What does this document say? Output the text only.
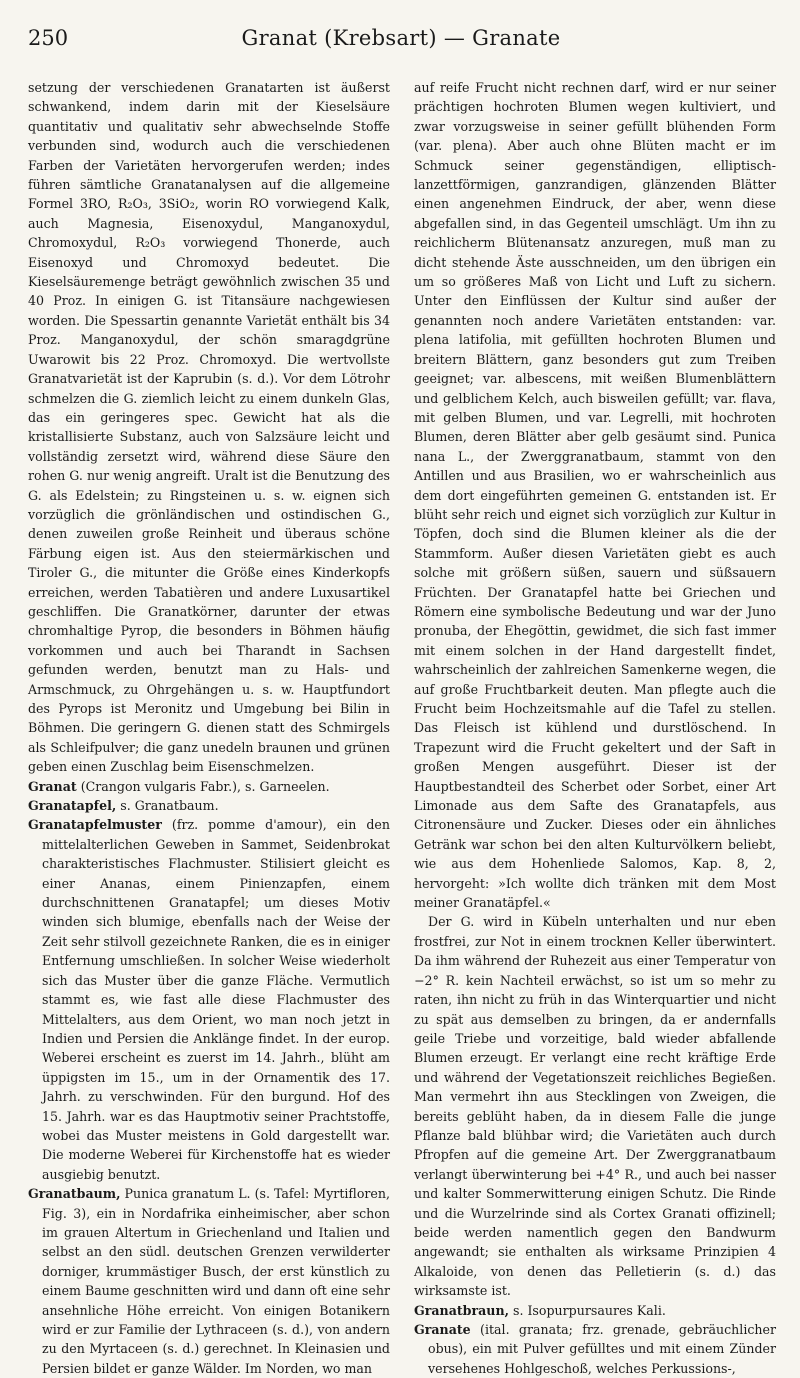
250	Granat (Krebsart) — Granate

setzung der verschiedenen Granatarten ist äußerst schwankend, indem darin mit der Kieselsäure quantitativ und qualitativ sehr abwechselnde Stoffe verbunden sind, wodurch auch die verschiedenen Farben der Varietäten hervorgerufen werden; indes führen sämtliche Granatanalysen auf die allgemeine Formel 3RO, R₂O₃, 3SiO₂, worin RO vorwiegend Kalk, auch Magnesia, Eisenoxydul, Manganoxydul, Chromoxydul, R₂O₃ vorwiegend Thonerde, auch Eisenoxyd und Chromoxyd bedeutet. Die Kieselsäuremenge beträgt gewöhnlich zwischen 35 und 40 Proz. In einigen G. ist Titansäure nachgewiesen worden. Die Spessartin genannte Varietät enthält bis 34 Proz. Manganoxydul, der schön smaragdgrüne Uwarowit bis 22 Proz. Chromoxyd. Die wertvollste Granatvarietät ist der Kaprubin (s. d.). Vor dem Lötrohr schmelzen die G. ziemlich leicht zu einem dunkeln Glas, das ein geringeres spec. Gewicht hat als die kristallisierte Substanz, auch von Salzsäure leicht und vollständig zersetzt wird, während diese Säure den rohen G. nur wenig angreift. Uralt ist die Benutzung des G. als Edelstein; zu Ringsteinen u. s. w. eignen sich vorzüglich die grönländischen und ostindischen G., denen zuweilen große Reinheit und überaus schöne Färbung eigen ist. Aus den steiermärkischen und Tiroler G., die mitunter die Größe eines Kinderkopfs erreichen, werden Tabatièren und andere Luxusartikel geschliffen. Die Granatkörner, darunter der etwas chromhaltige Pyrop, die besonders in Böhmen häufig vorkommen und auch bei Tharandt in Sachsen gefunden werden, benutzt man zu Hals- und Armschmuck, zu Ohrgehängen u. s. w. Hauptfundort des Pyrops ist Meronitz und Umgebung bei Bilin in Böhmen. Die geringern G. dienen statt des Schmirgels als Schleifpulver; die ganz unedeln braunen und grünen geben einen Zuschlag beim Eisenschmelzen.

Granat (Crangon vulgaris Fabr.), s. Garneelen.

Granatapfel, s. Granatbaum.

Granatapfelmuster (frz. pomme d'amour), ein den mittelalterlichen Geweben in Sammet, Seidenbrokat charakteristisches Flachmuster. Stilisiert gleicht es einer Ananas, einem Pinienzapfen, einem durchschnittenen Granatapfel; um dieses Motiv winden sich blumige, ebenfalls nach der Weise der Zeit sehr stilvoll gezeichnete Ranken, die es in einiger Entfernung umschließen. In solcher Weise wiederholt sich das Muster über die ganze Fläche. Vermutlich stammt es, wie fast alle diese Flachmuster des Mittelalters, aus dem Orient, wo man noch jetzt in Indien und Persien die Anklänge findet. In der europ. Weberei erscheint es zuerst im 14. Jahrh., blüht am üppigsten im 15., um in der Ornamentik des 17. Jahrh. zu verschwinden. Für den burgund. Hof des 15. Jahrh. war es das Hauptmotiv seiner Prachtstoffe, wobei das Muster meistens in Gold dargestellt war. Die moderne Weberei für Kirchenstoffe hat es wieder ausgiebig benutzt.

Granatbaum, Punica granatum L. (s. Tafel: Myrtifloren, Fig. 3), ein in Nordafrika einheimischer, aber schon im grauen Altertum in Griechenland und Italien und selbst an den südl. deutschen Grenzen verwilderter dorniger, krummästiger Busch, der erst künstlich zu einem Baume geschnitten wird und dann oft eine sehr ansehnliche Höhe erreicht. Von einigen Botanikern wird er zur Familie der Lythraceen (s. d.), von andern zu den Myrtaceen (s. d.) gerechnet. In Kleinasien und Persien bildet er ganze Wälder. Im Norden, wo man

auf reife Frucht nicht rechnen darf, wird er nur seiner prächtigen hochroten Blumen wegen kultiviert, und zwar vorzugsweise in seiner gefüllt blühenden Form (var. plena). Aber auch ohne Blüten macht er im Schmuck seiner gegenständigen, elliptisch-lanzettförmigen, ganzrandigen, glänzenden Blätter einen angenehmen Eindruck, der aber, wenn diese abgefallen sind, in das Gegenteil umschlägt. Um ihn zu reichlicherm Blütenansatz anzuregen, muß man zu dicht stehende Äste ausschneiden, um den übrigen ein um so größeres Maß von Licht und Luft zu sichern. Unter den Einflüssen der Kultur sind außer der genannten noch andere Varietäten entstanden: var. plena latifolia, mit gefüllten hochroten Blumen und breitern Blättern, ganz besonders gut zum Treiben geeignet; var. albescens, mit weißen Blumenblättern und gelblichem Kelch, auch bisweilen gefüllt; var. flava, mit gelben Blumen, und var. Legrelli, mit hochroten Blumen, deren Blätter aber gelb gesäumt sind. Punica nana L., der Zwerggranatbaum, stammt von den Antillen und aus Brasilien, wo er wahrscheinlich aus dem dort eingeführten gemeinen G. entstanden ist. Er blüht sehr reich und eignet sich vorzüglich zur Kultur in Töpfen, doch sind die Blumen kleiner als die der Stammform. Außer diesen Varietäten giebt es auch solche mit größern süßen, sauern und süßsauern Früchten. Der Granatapfel hatte bei Griechen und Römern eine symbolische Bedeutung und war der Juno pronuba, der Ehegöttin, gewidmet, die sich fast immer mit einem solchen in der Hand dargestellt findet, wahrscheinlich der zahlreichen Samenkerne wegen, die auf große Fruchtbarkeit deuten. Man pflegte auch die Frucht beim Hochzeitsmahle auf die Tafel zu stellen. Das Fleisch ist kühlend und durstlöschend. In Trapezunt wird die Frucht gekeltert und der Saft in großen Mengen ausgeführt. Dieser ist der Hauptbestandteil des Scherbet oder Sorbet, einer Art Limonade aus dem Safte des Granatapfels, aus Citronensäure und Zucker. Dieses oder ein ähnliches Getränk war schon bei den alten Kulturvölkern beliebt, wie aus dem Hohenliede Salomos, Kap. 8, 2, hervorgeht: »Ich wollte dich tränken mit dem Most meiner Granatäpfel.«

Der G. wird in Kübeln unterhalten und nur eben frostfrei, zur Not in einem trocknen Keller überwintert. Da ihm während der Ruhezeit aus einer Temperatur von −2° R. kein Nachteil erwächst, so ist um so mehr zu raten, ihn nicht zu früh in das Winterquartier und nicht zu spät aus demselben zu bringen, da er andernfalls geile Triebe und vorzeitige, bald wieder abfallende Blumen erzeugt. Er verlangt eine recht kräftige Erde und während der Vegetationszeit reichliches Begießen. Man vermehrt ihn aus Stecklingen von Zweigen, die bereits geblüht haben, da in diesem Falle die junge Pflanze bald blühbar wird; die Varietäten auch durch Pfropfen auf die gemeine Art. Der Zwerggranatbaum verlangt überwinterung bei +4° R., und auch bei nasser und kalter Sommerwitterung einigen Schutz. Die Rinde und die Wurzelrinde sind als Cortex Granati offizinell; beide werden namentlich gegen den Bandwurm angewandt; sie enthalten als wirksame Prinzipien 4 Alkaloide, von denen das Pelletierin (s. d.) das wirksamste ist.

Granatbraun, s. Isopurpursaures Kali.

Granate (ital. granata; frz. grenade, gebräuchlicher obus), ein mit Pulver gefülltes und mit einem Zünder versehenes Hohlgeschoß, welches Perkussions-,
